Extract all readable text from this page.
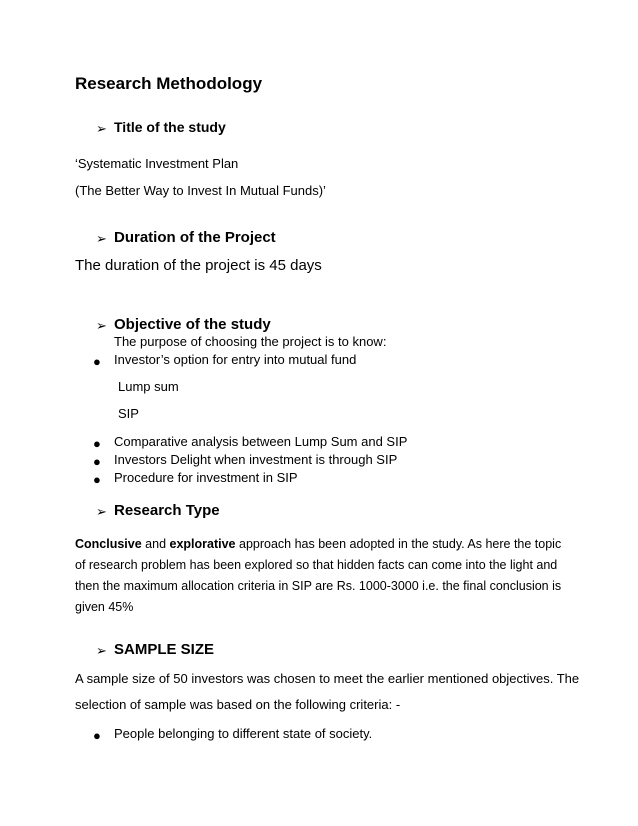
Research Methodology
➢ Title of the study
‘Systematic Investment Plan
(The Better Way to Invest In Mutual Funds)’
➢ Duration of the Project
The duration of the project is 45 days
➢ Objective of the study
The purpose of choosing the project is to know:
● Investor’s option for entry into mutual fund
Lump sum
SIP
● Comparative analysis between Lump Sum and SIP
● Investors Delight when investment is through SIP
● Procedure for investment in SIP
➢ Research Type
Conclusive and explorative approach has been adopted in the study. As here the topic of research problem has been explored so that hidden facts can come into the light and then the maximum allocation criteria in SIP are Rs. 1000-3000 i.e. the final conclusion is given 45%
➢ SAMPLE SIZE
A sample size of 50 investors was chosen to meet the earlier mentioned objectives. The
selection of sample was based on the following criteria: -
● People belonging to different state of society.
